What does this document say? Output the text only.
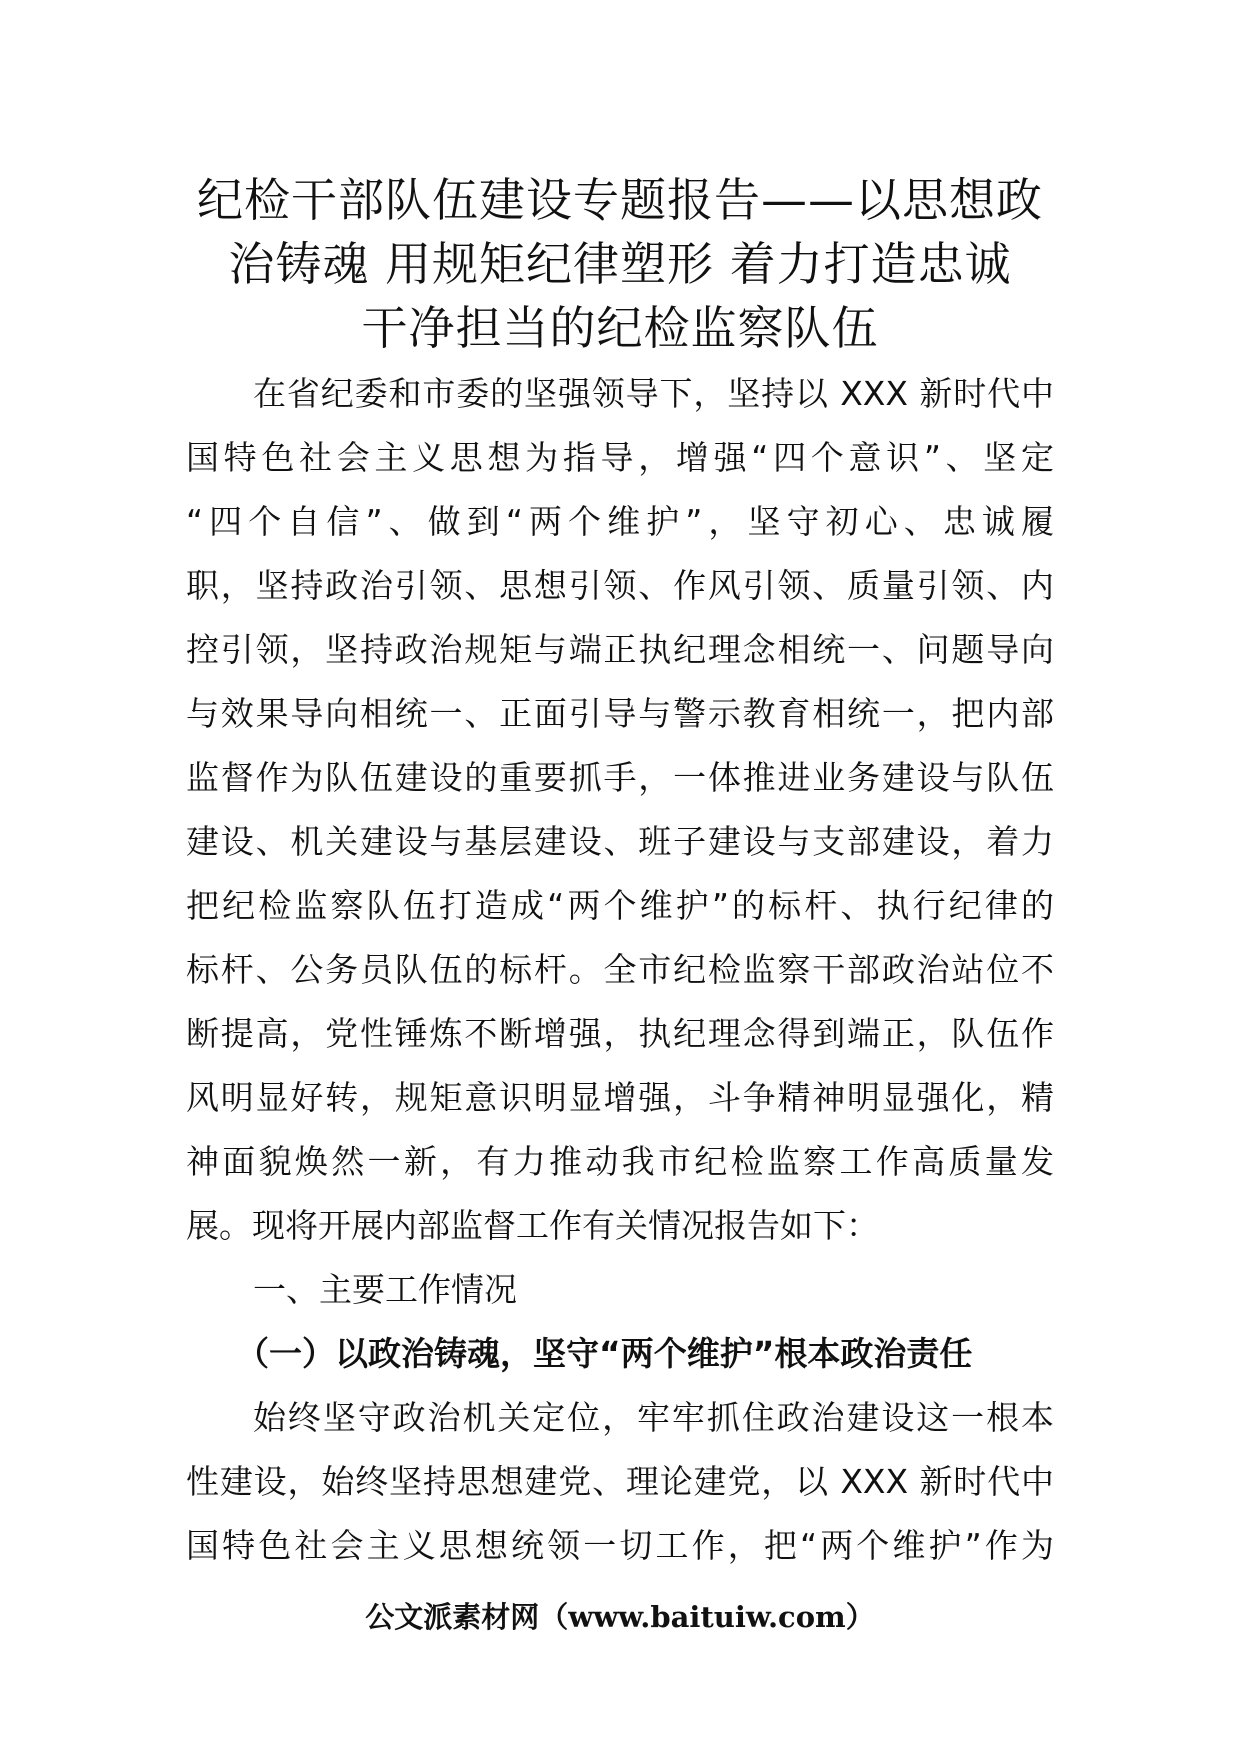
纪检干部队伍建设专题报告——以思想政
治铸魂 用规矩纪律塑形 着力打造忠诚
干净担当的纪检监察队伍
在省纪委和市委的坚强领导下，坚持以 XXX 新时代中
国特色社会主义思想为指导，增强“四个意识”、坚定
“四个自信”、做到“两个维护”，坚守初心、忠诚履
职，坚持政治引领、思想引领、作风引领、质量引领、内
控引领，坚持政治规矩与端正执纪理念相统一、问题导向
与效果导向相统一、正面引导与警示教育相统一，把内部
监督作为队伍建设的重要抓手，一体推进业务建设与队伍
建设、机关建设与基层建设、班子建设与支部建设，着力
把纪检监察队伍打造成“两个维护”的标杆、执行纪律的
标杆、公务员队伍的标杆。全市纪检监察干部政治站位不
断提高，党性锤炼不断增强，执纪理念得到端正，队伍作
风明显好转，规矩意识明显增强，斗争精神明显强化，精
神面貌焕然一新，有力推动我市纪检监察工作高质量发
展。现将开展内部监督工作有关情况报告如下：
一、主要工作情况
（一）以政治铸魂，坚守“两个维护”根本政治责任
始终坚守政治机关定位，牢牢抓住政治建设这一根本
性建设，始终坚持思想建党、理论建党，以 XXX 新时代中
国特色社会主义思想统领一切工作，把“两个维护”作为
公文派素材网（www.baituiw.com）
